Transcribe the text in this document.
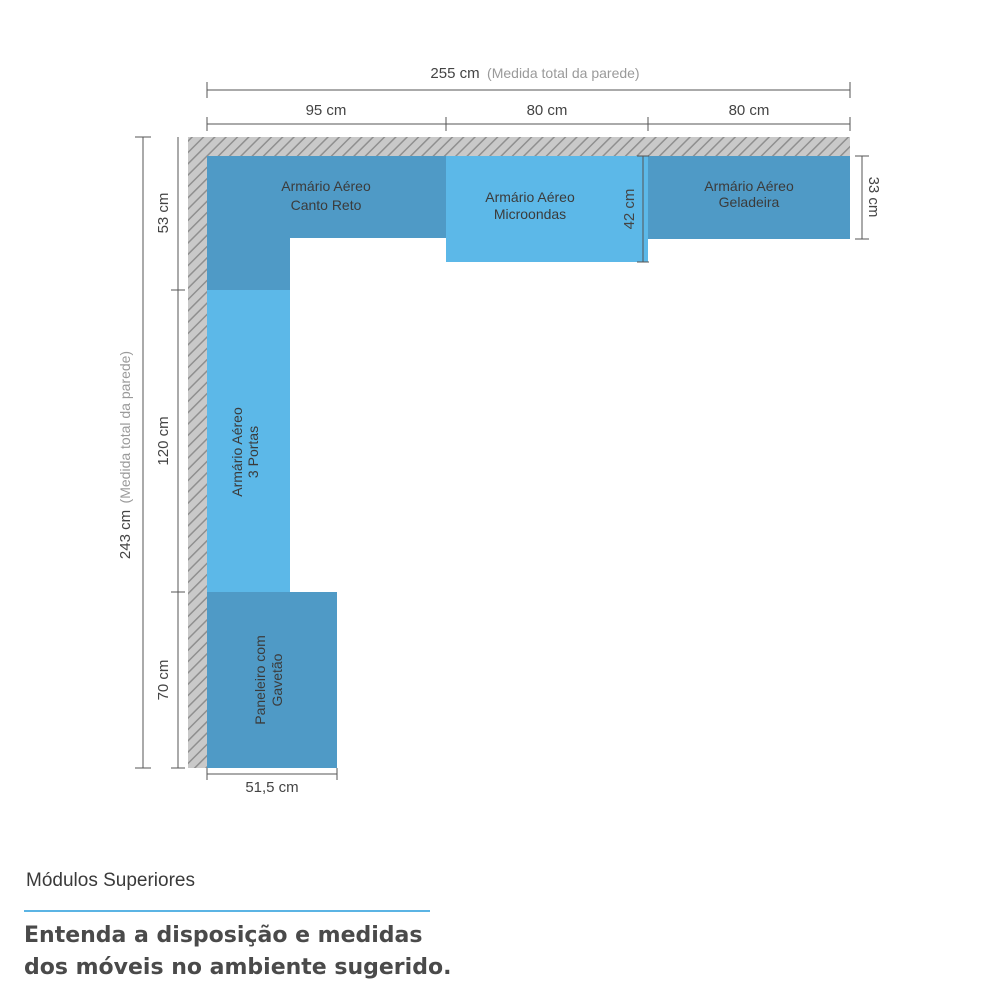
Armário Aéreo
Canto Reto	Armário Aéreo
Microondas
Armário Aéreo
Geladeira
Armário Aéreo 3 Portas
Paneleiro com Gavetão
255 cm (Medida total da parede)
95 cm	80 cm	80 cm
243 cm (Medida total da parede)
53 cm
120 cm
70 cm
42 cm	33 cm
51,5 cm
Módulos Superiores
Entenda a disposição e medidas
dos móveis no ambiente sugerido.
